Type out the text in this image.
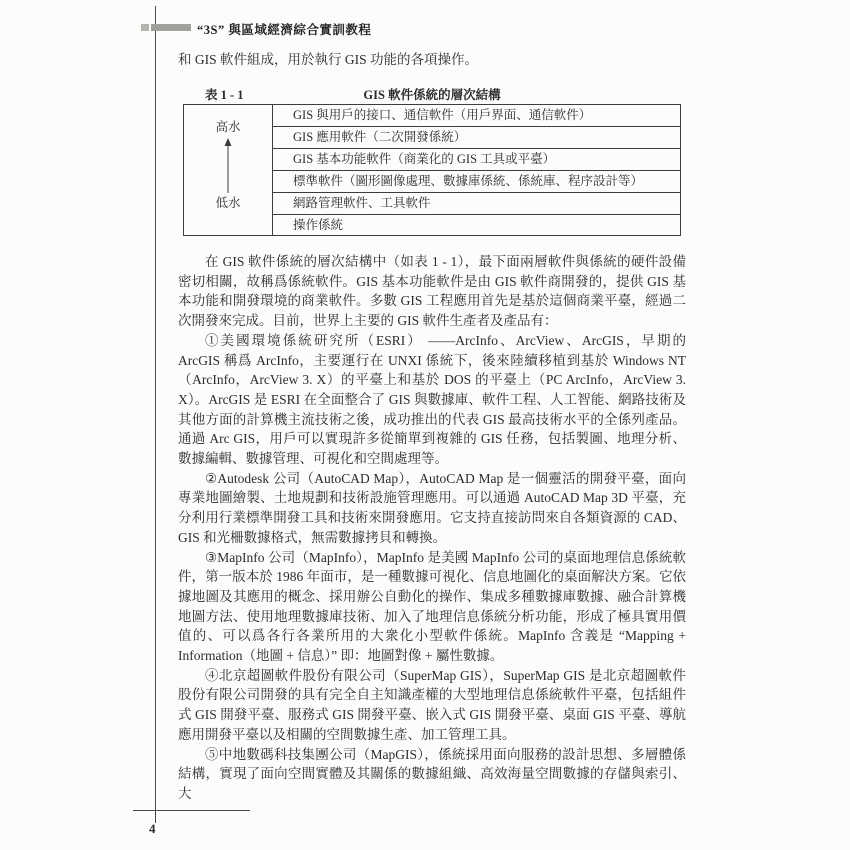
“3S” 與區域經濟綜合實訓教程

和 GIS 軟件組成，用於執行 GIS 功能的各項操作。

表 1 - 1	GIS 軟件係統的層次結構
高水
低水
GIS 與用戶的接口、通信軟件（用戶界面、通信軟件）
GIS 應用軟件（二次開發係統）
GIS 基本功能軟件（商業化的 GIS 工具或平臺）
標準軟件（圖形圖像處理、數據庫係統、係統庫、程序設計等）
網路管理軟件、工具軟件
操作係統

在 GIS 軟件係統的層次結構中（如表 1 - 1），最下面兩層軟件與係統的硬件設備密切相關，故稱爲係統軟件。GIS 基本功能軟件是由 GIS 軟件商開發的，提供 GIS 基本功能和開發環境的商業軟件。多數 GIS 工程應用首先是基於這個商業平臺，經過二次開發來完成。目前，世界上主要的 GIS 軟件生產者及產品有：

①美國環境係統研究所（ESRI） ——ArcInfo、ArcView、ArcGIS，早期的 ArcGIS 稱爲 ArcInfo，主要運行在 UNXI 係統下，後來陸續移植到基於 Windows NT（ArcInfo，ArcView 3. X）的平臺上和基於 DOS 的平臺上（PC ArcInfo，ArcView 3. X）。ArcGIS 是 ESRI 在全面整合了 GIS 與數據庫、軟件工程、人工智能、網路技術及其他方面的計算機主流技術之後，成功推出的代表 GIS 最高技術水平的全係列產品。通過 Arc GIS，用戶可以實現許多從簡單到複雜的 GIS 任務，包括製圖、地理分析、數據編輯、數據管理、可視化和空間處理等。

②Autodesk 公司（AutoCAD Map），AutoCAD Map 是一個靈活的開發平臺，面向專業地圖繪製、土地規劃和技術設施管理應用。可以通過 AutoCAD Map 3D 平臺，充分利用行業標準開發工具和技術來開發應用。它支持直接訪問來自各類資源的 CAD、GIS 和光柵數據格式，無需數據拷貝和轉換。

③MapInfo 公司（MapInfo），MapInfo 是美國 MapInfo 公司的桌面地理信息係統軟件，第一版本於 1986 年面市，是一種數據可視化、信息地圖化的桌面解決方案。它依據地圖及其應用的概念、採用辦公自動化的操作、集成多種數據庫數據、融合計算機地圖方法、使用地理數據庫技術、加入了地理信息係統分析功能，形成了極具實用價值的、可以爲各行各業所用的大衆化小型軟件係統。MapInfo 含義是 “Mapping + Information（地圖 + 信息）” 即：地圖對像 + 屬性數據。

④北京超圖軟件股份有限公司（SuperMap GIS），SuperMap GIS 是北京超圖軟件股份有限公司開發的具有完全自主知識產權的大型地理信息係統軟件平臺，包括組件式 GIS 開發平臺、服務式 GIS 開發平臺、嵌入式 GIS 開發平臺、桌面 GIS 平臺、導航應用開發平臺以及相關的空間數據生產、加工管理工具。

⑤中地數碼科技集團公司（MapGIS），係統採用面向服務的設計思想、多層體係結構，實現了面向空間實體及其關係的數據組織、高效海量空間數據的存儲與索引、大

4
